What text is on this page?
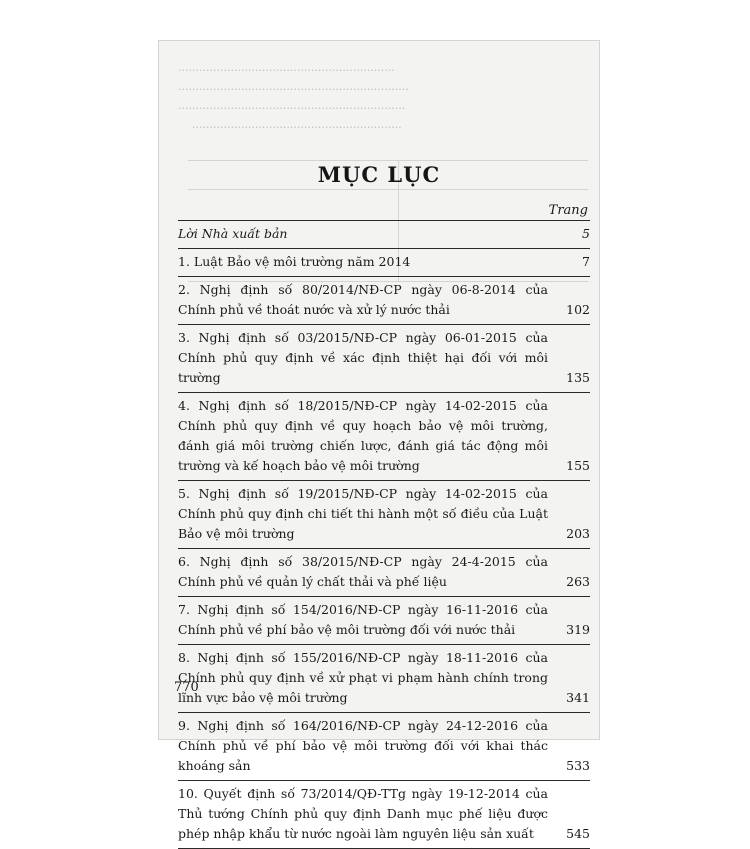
..............................................................
..................................................................
.................................................................
............................................................
MỤC LỤC
Trang
Lời Nhà xuất bản	5
1. Luật Bảo vệ môi trường năm 2014	7
2. Nghị định số 80/2014/NĐ-CP ngày 06-8-2014 của Chính phủ về thoát nước và xử lý nước thải	102
3. Nghị định số 03/2015/NĐ-CP ngày 06-01-2015 của Chính phủ quy định về xác định thiệt hại đối với môi trường	135
4. Nghị định số 18/2015/NĐ-CP ngày 14-02-2015 của Chính phủ quy định về quy hoạch bảo vệ môi trường, đánh giá môi trường chiến lược, đánh giá tác động môi trường và kế hoạch bảo vệ môi trường	155
5. Nghị định số 19/2015/NĐ-CP ngày 14-02-2015 của Chính phủ quy định chi tiết thi hành một số điều của Luật Bảo vệ môi trường	203
6. Nghị định số 38/2015/NĐ-CP ngày 24-4-2015 của Chính phủ về quản lý chất thải và phế liệu	263
7. Nghị định số 154/2016/NĐ-CP ngày 16-11-2016 của Chính phủ về phí bảo vệ môi trường đối với nước thải	319
8. Nghị định số 155/2016/NĐ-CP ngày 18-11-2016 của Chính phủ quy định về xử phạt vi phạm hành chính trong lĩnh vực bảo vệ môi trường	341
9. Nghị định số 164/2016/NĐ-CP ngày 24-12-2016 của Chính phủ về phí bảo vệ môi trường đối với khai thác khoáng sản	533
10. Quyết định số 73/2014/QĐ-TTg ngày 19-12-2014 của Thủ tướng Chính phủ quy định Danh mục phế liệu được phép nhập khẩu từ nước ngoài làm nguyên liệu sản xuất	545
770
